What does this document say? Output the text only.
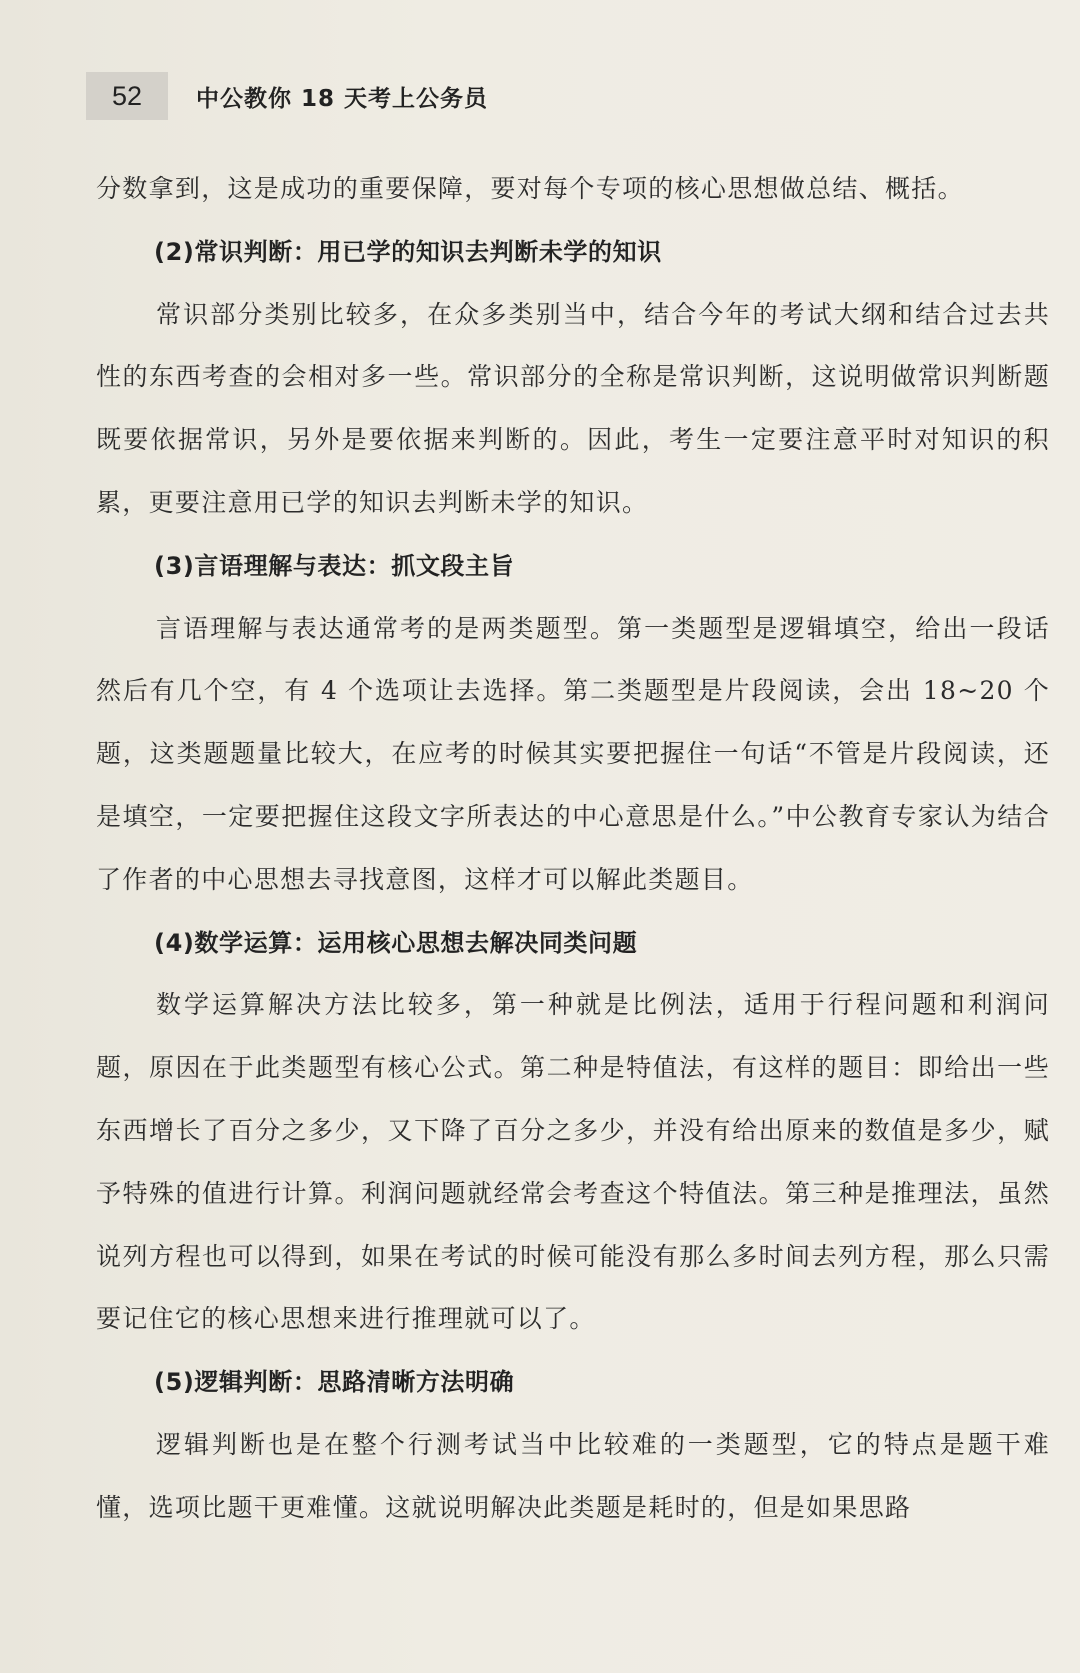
52	中公教你 18 天考上公务员

分数拿到，这是成功的重要保障，要对每个专项的核心思想做总结、概括。

(2)常识判断：用已学的知识去判断未学的知识

常识部分类别比较多，在众多类别当中，结合今年的考试大纲和结合过去共性的东西考查的会相对多一些。常识部分的全称是常识判断，这说明做常识判断题既要依据常识，另外是要依据来判断的。因此，考生一定要注意平时对知识的积累，更要注意用已学的知识去判断未学的知识。

(3)言语理解与表达：抓文段主旨

言语理解与表达通常考的是两类题型。第一类题型是逻辑填空，给出一段话然后有几个空，有 4 个选项让去选择。第二类题型是片段阅读，会出 18~20 个题，这类题题量比较大，在应考的时候其实要把握住一句话“不管是片段阅读，还是填空，一定要把握住这段文字所表达的中心意思是什么。”中公教育专家认为结合了作者的中心思想去寻找意图，这样才可以解此类题目。

(4)数学运算：运用核心思想去解决同类问题

数学运算解决方法比较多，第一种就是比例法，适用于行程问题和利润问题，原因在于此类题型有核心公式。第二种是特值法，有这样的题目：即给出一些东西增长了百分之多少，又下降了百分之多少，并没有给出原来的数值是多少，赋予特殊的值进行计算。利润问题就经常会考查这个特值法。第三种是推理法，虽然说列方程也可以得到，如果在考试的时候可能没有那么多时间去列方程，那么只需要记住它的核心思想来进行推理就可以了。

(5)逻辑判断：思路清晰方法明确

逻辑判断也是在整个行测考试当中比较难的一类题型，它的特点是题干难懂，选项比题干更难懂。这就说明解决此类题是耗时的，但是如果思路
